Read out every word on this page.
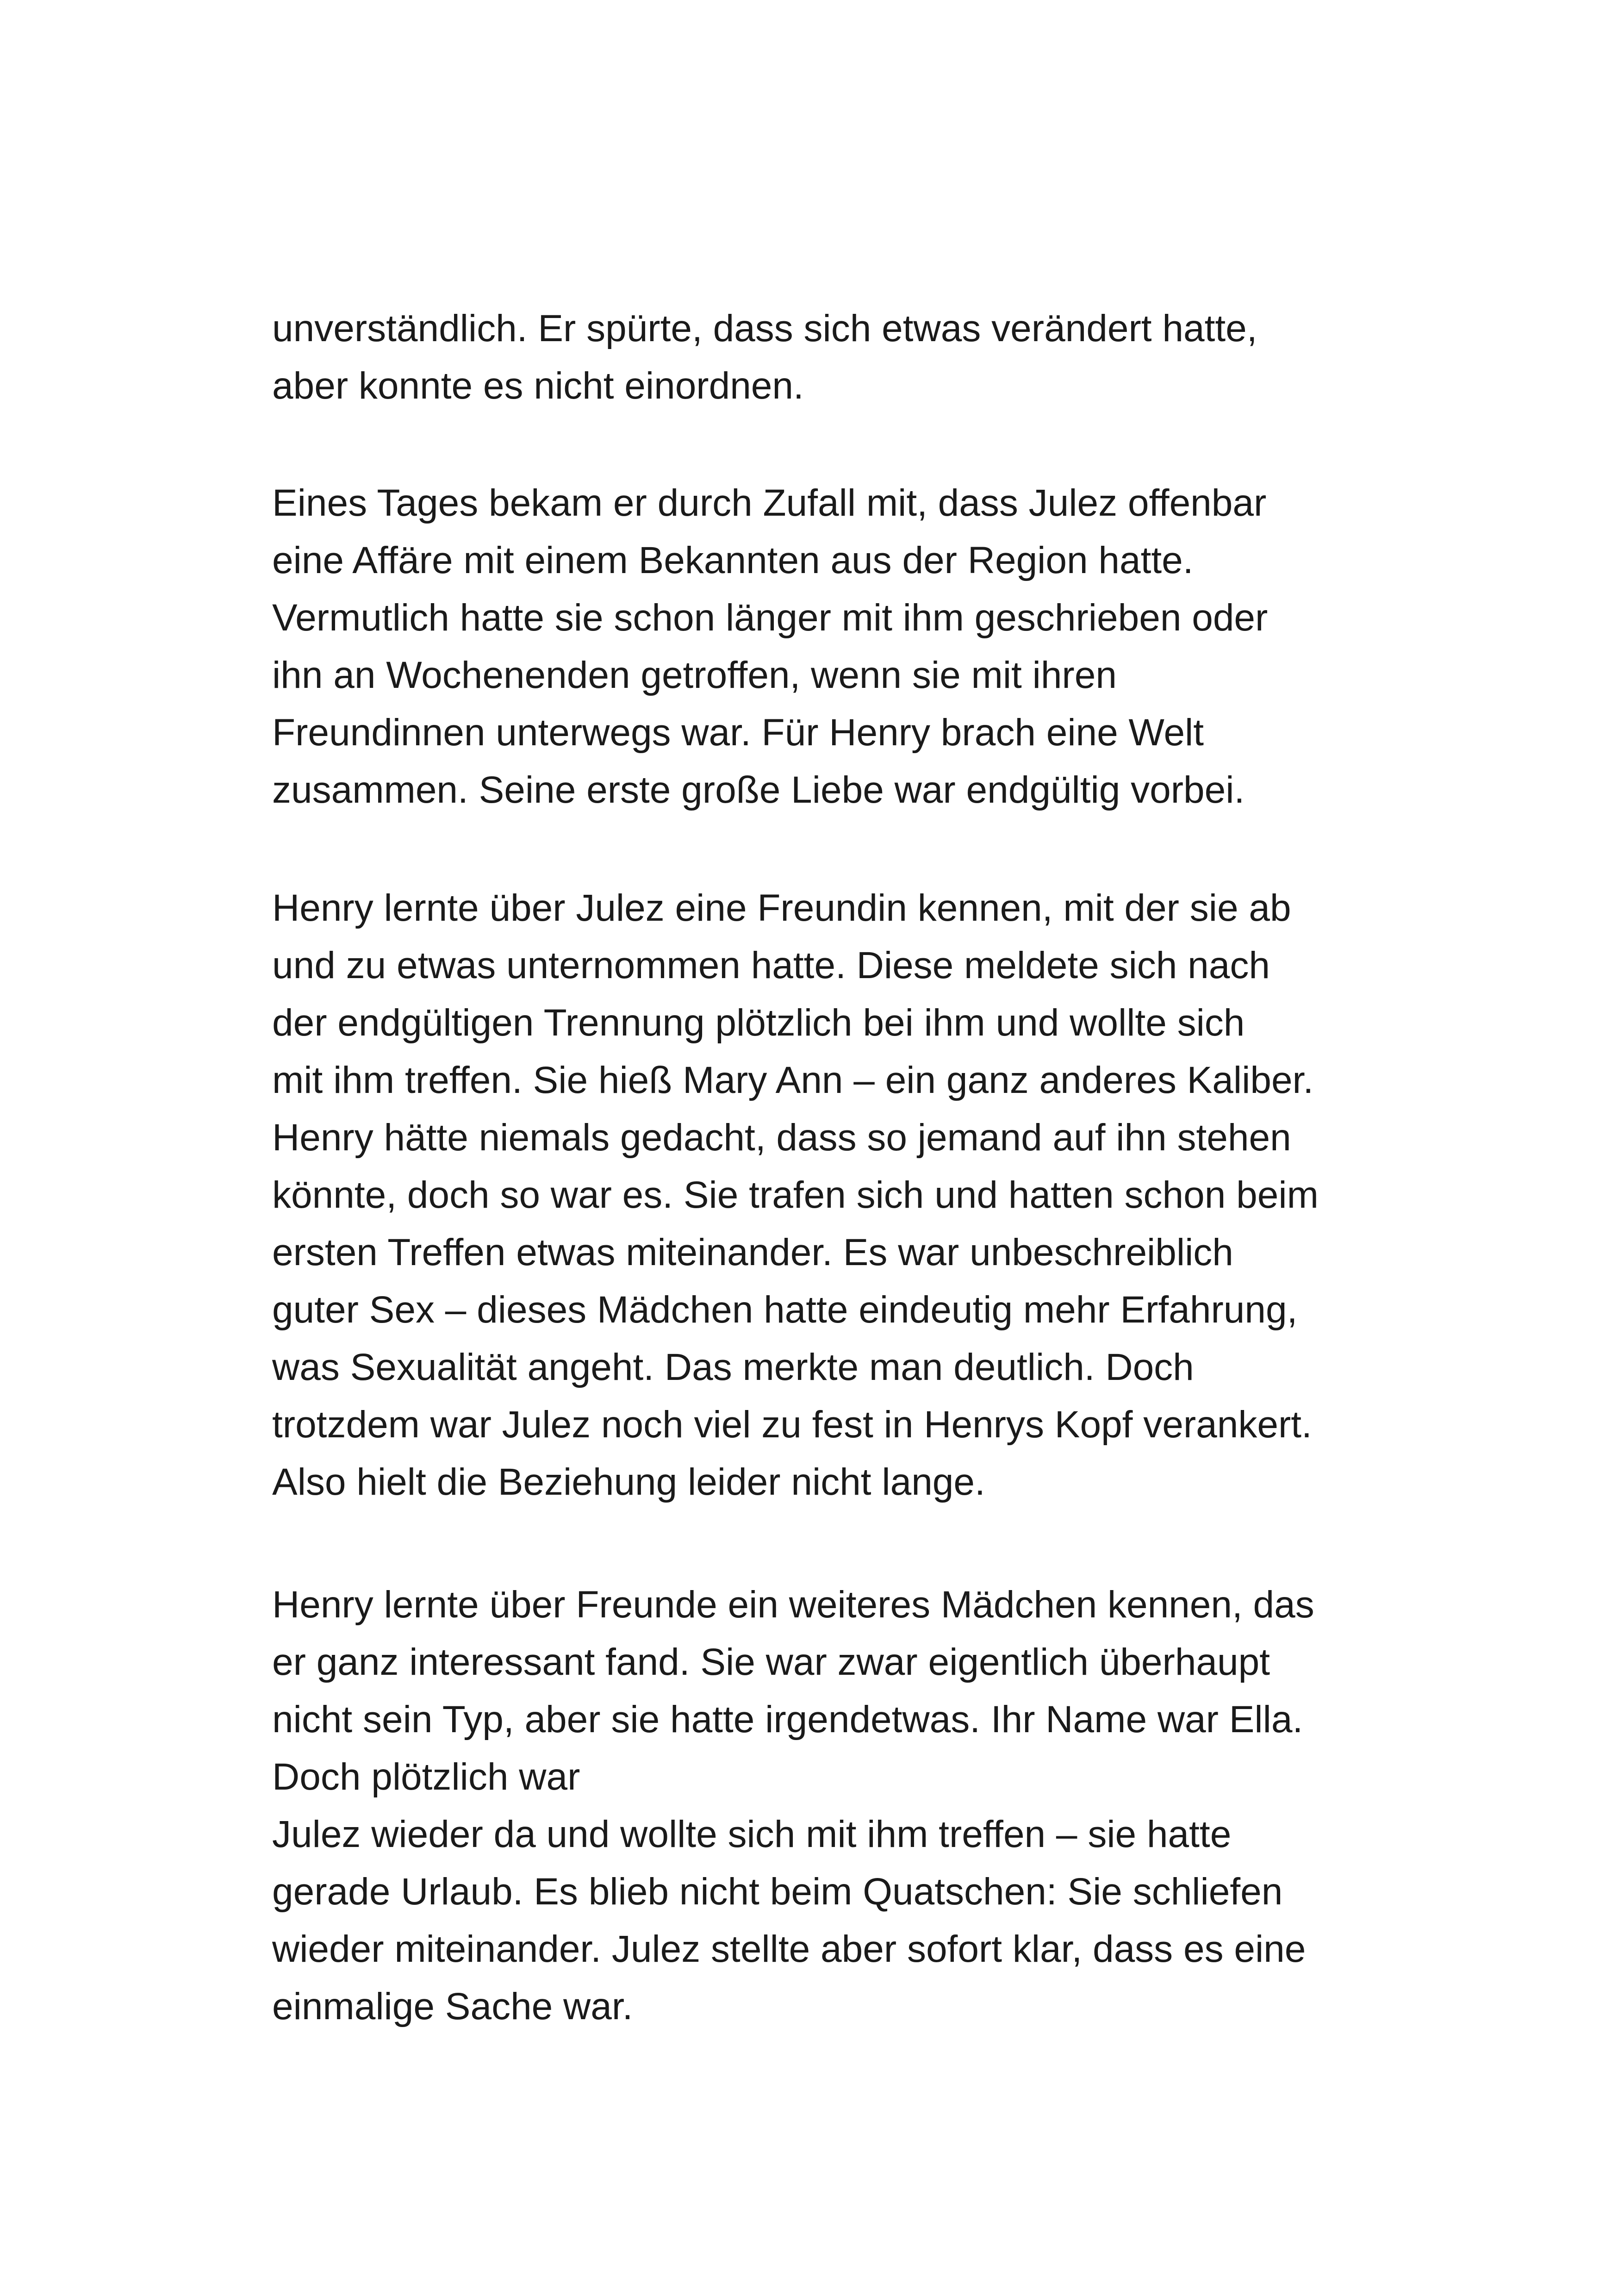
unverständlich. Er spürte, dass sich etwas verändert hatte,
aber konnte es nicht einordnen.
Eines Tages bekam er durch Zufall mit, dass Julez offenbar
eine Affäre mit einem Bekannten aus der Region hatte.
Vermutlich hatte sie schon länger mit ihm geschrieben oder
ihn an Wochenenden getroffen, wenn sie mit ihren
Freundinnen unterwegs war. Für Henry brach eine Welt
zusammen. Seine erste große Liebe war endgültig vorbei.
Henry lernte über Julez eine Freundin kennen, mit der sie ab
und zu etwas unternommen hatte. Diese meldete sich nach
der endgültigen Trennung plötzlich bei ihm und wollte sich
mit ihm treffen. Sie hieß Mary Ann – ein ganz anderes Kaliber.
Henry hätte niemals gedacht, dass so jemand auf ihn stehen
könnte, doch so war es. Sie trafen sich und hatten schon beim
ersten Treffen etwas miteinander. Es war unbeschreiblich
guter Sex – dieses Mädchen hatte eindeutig mehr Erfahrung,
was Sexualität angeht. Das merkte man deutlich. Doch
trotzdem war Julez noch viel zu fest in Henrys Kopf verankert.
Also hielt die Beziehung leider nicht lange.
Henry lernte über Freunde ein weiteres Mädchen kennen, das
er ganz interessant fand. Sie war zwar eigentlich überhaupt
nicht sein Typ, aber sie hatte irgendetwas. Ihr Name war Ella.
Doch plötzlich war
Julez wieder da und wollte sich mit ihm treffen – sie hatte
gerade Urlaub. Es blieb nicht beim Quatschen: Sie schliefen
wieder miteinander. Julez stellte aber sofort klar, dass es eine
einmalige Sache war.
